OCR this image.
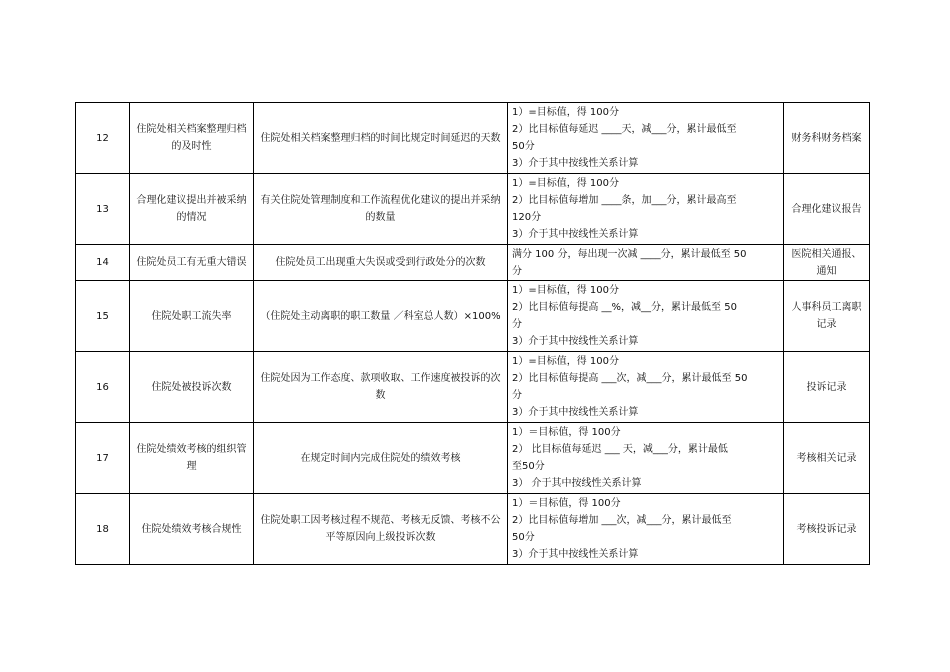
12	住院处相关档案整理归档的及时性	住院处相关档案整理归档的时间比规定时间延迟的天数	1）=目标值，得 100分
2）比目标值每延迟 ____天，减___分，累计最低至
50分
3）介于其中按线性关系计算	财务科财务档案
13	合理化建议提出并被采纳的情况	有关住院处管理制度和工作流程优化建议的提出并采纳的数量	1）=目标值，得 100分
2）比目标值每增加 ____条，加___分，累计最高至
120分
3）介于其中按线性关系计算	合理化建议报告
14	住院处员工有无重大错误	住院处员工出现重大失误或受到行政处分的次数	满分 100 分，每出现一次减 ____分，累计最低至 50
分	医院相关通报、通知
15	住院处职工流失率	（住院处主动离职的职工数量 ／科室总人数）×100%	1）=目标值，得 100分
2）比目标值每提高 __%，减__分，累计最低至 50
分
3）介于其中按线性关系计算	人事科员工离职记录
16	住院处被投诉次数	住院处因为工作态度、款项收取、工作速度被投诉的次数	1）=目标值，得 100分
2）比目标值每提高 ___次，减___分，累计最低至 50
分
3）介于其中按线性关系计算	投诉记录
17	住院处绩效考核的组织管理	在规定时间内完成住院处的绩效考核	1）＝目标值，得 100分
2） 比目标值每延迟 ___ 天，减___分，累计最低
至50分
3） 介于其中按线性关系计算	考核相关记录
18	住院处绩效考核合规性	住院处职工因考核过程不规范、考核无反馈、考核不公平等原因向上级投诉次数	1）＝目标值，得 100分
2）比目标值每增加 ___次，减___分，累计最低至
50分
3）介于其中按线性关系计算	考核投诉记录
